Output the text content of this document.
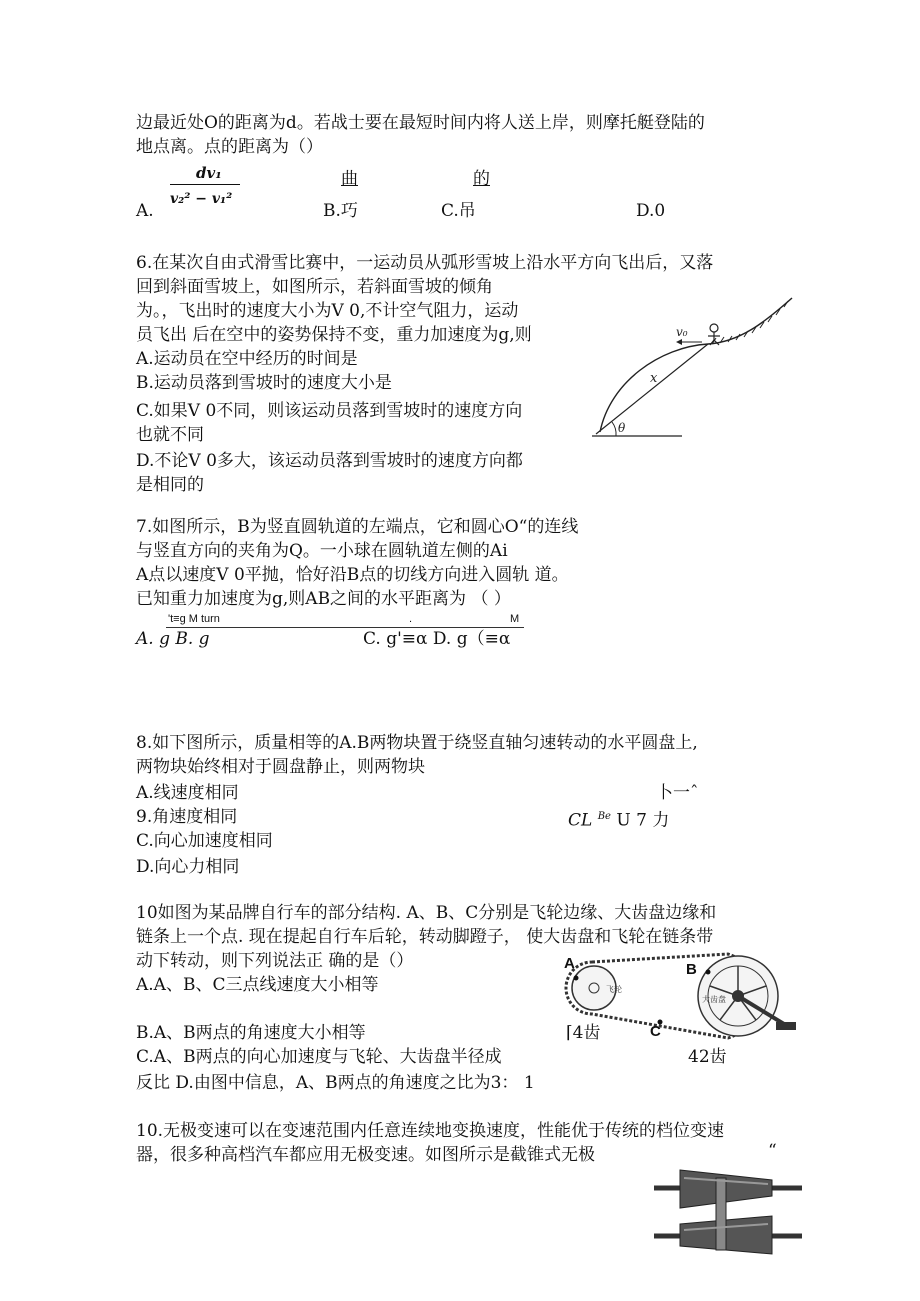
边最近处O的距离为d。若战士要在最短时间内将人送上岸，则摩托艇登陆的
地点离。点的距离为（）
曲	的
A.
dv₁
v₂² − v₁²
B.巧	C.吊	D.0
6.在某次自由式滑雪比赛中，一运动员从弧形雪坡上沿水平方向飞出后，又落
回到斜面雪坡上，如图所示，若斜面雪坡的倾角
为。，飞出时的速度大小为V 0,不计空气阻力，运动
员飞出 后在空中的姿势保持不变，重力加速度为g,则
A.运动员在空中经历的时间是
B.运动员落到雪坡时的速度大小是
C.如果V 0不同，则该运动员落到雪坡时的速度方向
也就不同
D.不论V 0多大，该运动员落到雪坡时的速度方向都
是相同的
v₀
x
θ
7.如图所示，B为竖直圆轨道的左端点，它和圆心O“的连线
与竖直方向的夹角为Q。一小球在圆轨道左侧的Ai
A点以速度V 0平抛，恰好沿B点的切线方向进入圆轨 道。
已知重力加速度为g,则AB之间的水平距离为 （ ）
't≡g M turn	.	M
A. g B. g	C. g'≡α D. g（≡α
8.如下图所示，质量相等的A.B两物块置于绕竖直轴匀速转动的水平圆盘上,
两物块始终相对于圆盘静止，则两物块
A.线速度相同
9.角速度相同
C.向心加速度相同
D.向心力相同
卜一ˆ
CL $^{Be}$ U 7 力
10如图为某品牌自行车的部分结构. A、B、C分别是飞轮边缘、大齿盘边缘和
链条上一个点. 现在提起自行车后轮，转动脚蹬子， 使大齿盘和飞轮在链条带
动下转动，则下列说法正 确的是（）
A.A、B、C三点线速度大小相等
B.A、B两点的角速度大小相等
C.A、B两点的向心加速度与飞轮、大齿盘半径成
反比 D.由图中信息，A、B两点的角速度之比为3： 1
⌈4齿
42齿
飞轮
大齿盘
A	B
C
10.无极变速可以在变速范围内任意连续地变换速度，性能优于传统的档位变速
器，很多种高档汽车都应用无极变速。如图所示是截锥式无极	“
